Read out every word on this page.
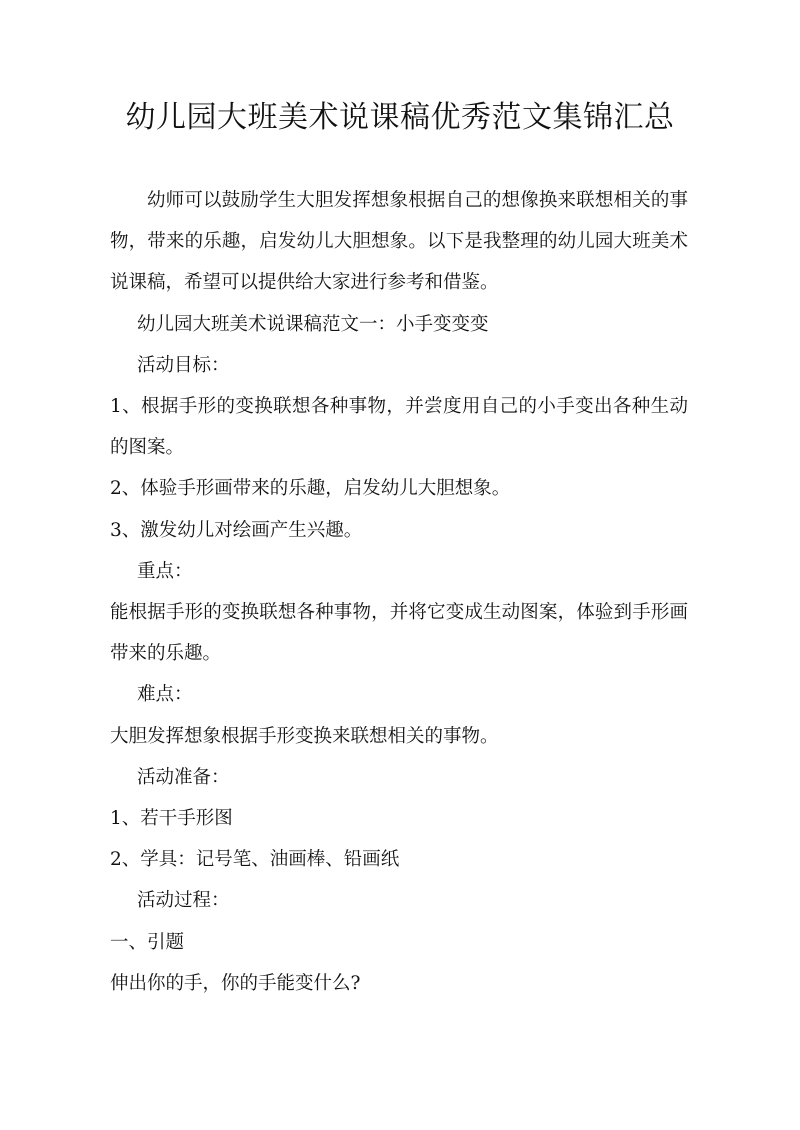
幼儿园大班美术说课稿优秀范文集锦汇总

幼师可以鼓励学生大胆发挥想象根据自己的想像换来联想相关的事物，带来的乐趣，启发幼儿大胆想象。以下是我整理的幼儿园大班美术说课稿，希望可以提供给大家进行参考和借鉴。

幼儿园大班美术说课稿范文一：小手变变变

活动目标：

1、根据手形的变换联想各种事物，并尝度用自己的小手变出各种生动的图案。

2、体验手形画带来的乐趣，启发幼儿大胆想象。

3、激发幼儿对绘画产生兴趣。

重点：

能根据手形的变换联想各种事物，并将它变成生动图案，体验到手形画带来的乐趣。

难点：

大胆发挥想象根据手形变换来联想相关的事物。

活动准备：

1、若干手形图

2、学具：记号笔、油画棒、铅画纸

活动过程：

一、引题

伸出你的手，你的手能变什么?
